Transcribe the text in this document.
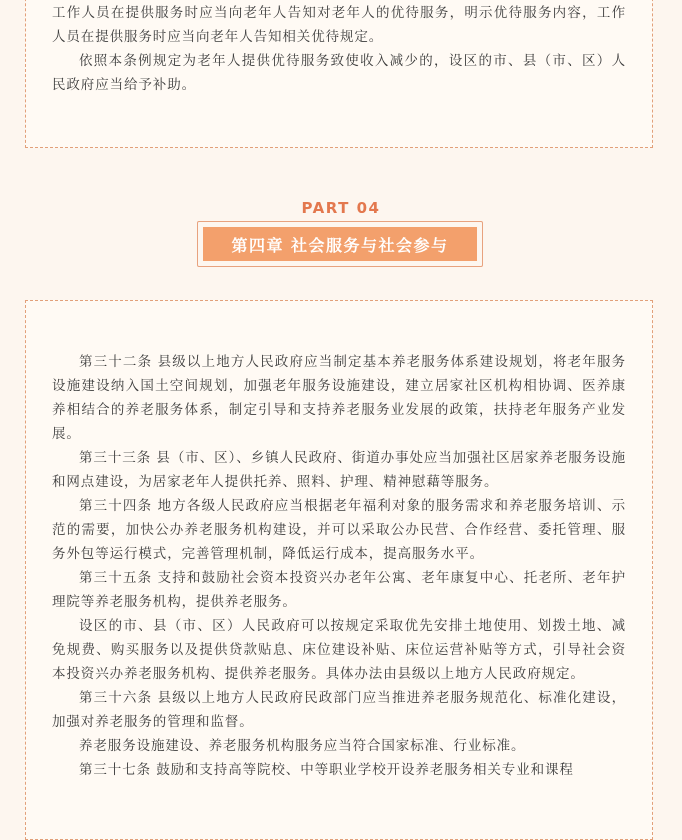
工作人员在提供服务时应当向老年人告知对老年人的优待服务，明示优待服务内容，工作人员在提供服务时应当向老年人告知相关优待规定。

依照本条例规定为老年人提供优待服务致使收入减少的，设区的市、县（市、区）人民政府应当给予补助。

PART 04
第四章 社会服务与社会参与

第三十二条 县级以上地方人民政府应当制定基本养老服务体系建设规划，将老年服务设施建设纳入国土空间规划，加强老年服务设施建设，建立居家社区机构相协调、医养康养相结合的养老服务体系，制定引导和支持养老服务业发展的政策，扶持老年服务产业发展。

第三十三条 县（市、区）、乡镇人民政府、街道办事处应当加强社区居家养老服务设施和网点建设，为居家老年人提供托养、照料、护理、精神慰藉等服务。

第三十四条 地方各级人民政府应当根据老年福利对象的服务需求和养老服务培训、示范的需要，加快公办养老服务机构建设，并可以采取公办民营、合作经营、委托管理、服务外包等运行模式，完善管理机制，降低运行成本，提高服务水平。

第三十五条 支持和鼓励社会资本投资兴办老年公寓、老年康复中心、托老所、老年护理院等养老服务机构，提供养老服务。

设区的市、县（市、区）人民政府可以按规定采取优先安排土地使用、划拨土地、减免规费、购买服务以及提供贷款贴息、床位建设补贴、床位运营补贴等方式，引导社会资本投资兴办养老服务机构、提供养老服务。具体办法由县级以上地方人民政府规定。

第三十六条 县级以上地方人民政府民政部门应当推进养老服务规范化、标准化建设，加强对养老服务的管理和监督。

养老服务设施建设、养老服务机构服务应当符合国家标准、行业标准。

第三十七条 鼓励和支持高等院校、中等职业学校开设养老服务相关专业和课程
